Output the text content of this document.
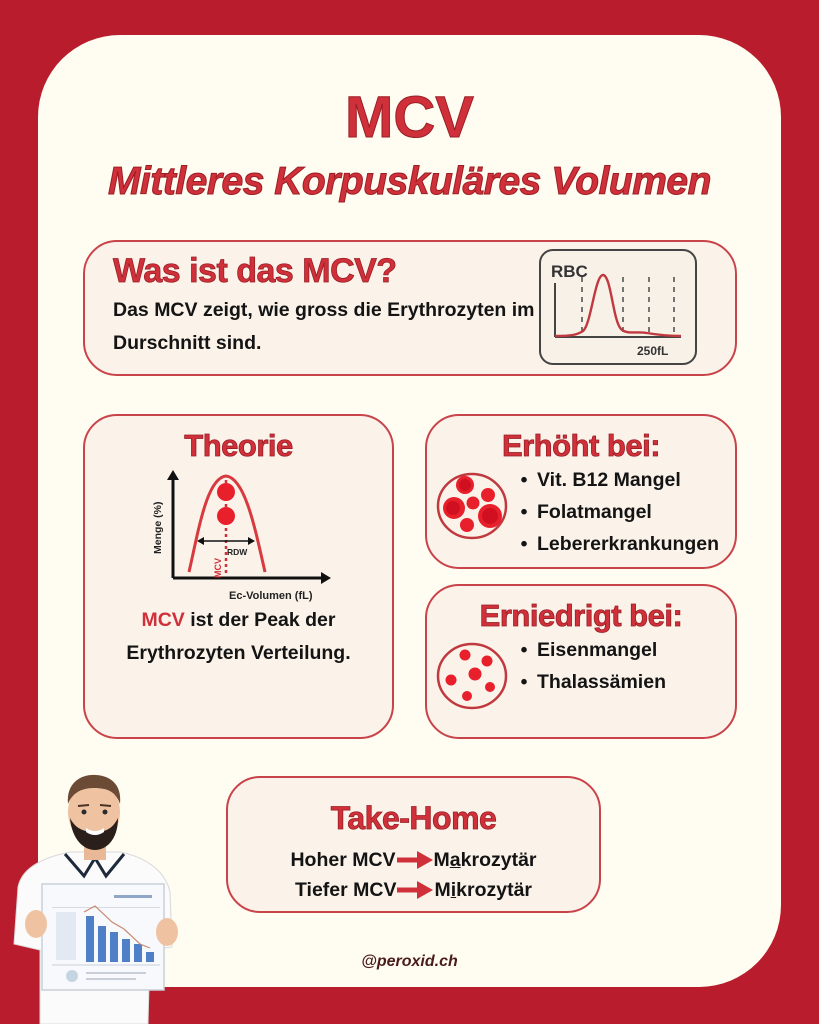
MCV
Mittleres Korpuskuläres Volumen
Was ist das MCV?
Das MCV zeigt, wie gross die Erythrozyten im Durschnitt sind.
RBC
250fL
Theorie
RDW
MCV
Menge (%)
Ec-Volumen (fL)
MCV ist der Peak der
Erythrozyten Verteilung.
Erhöht bei:
• Vit. B12 Mangel
• Folatmangel
• Lebererkrankungen
Erniedrigt bei:
• Eisenmangel
• Thalassämien
Take-Home
Hoher MCV Makrozytär
Tiefer MCV Mikrozytär
@peroxid.ch
